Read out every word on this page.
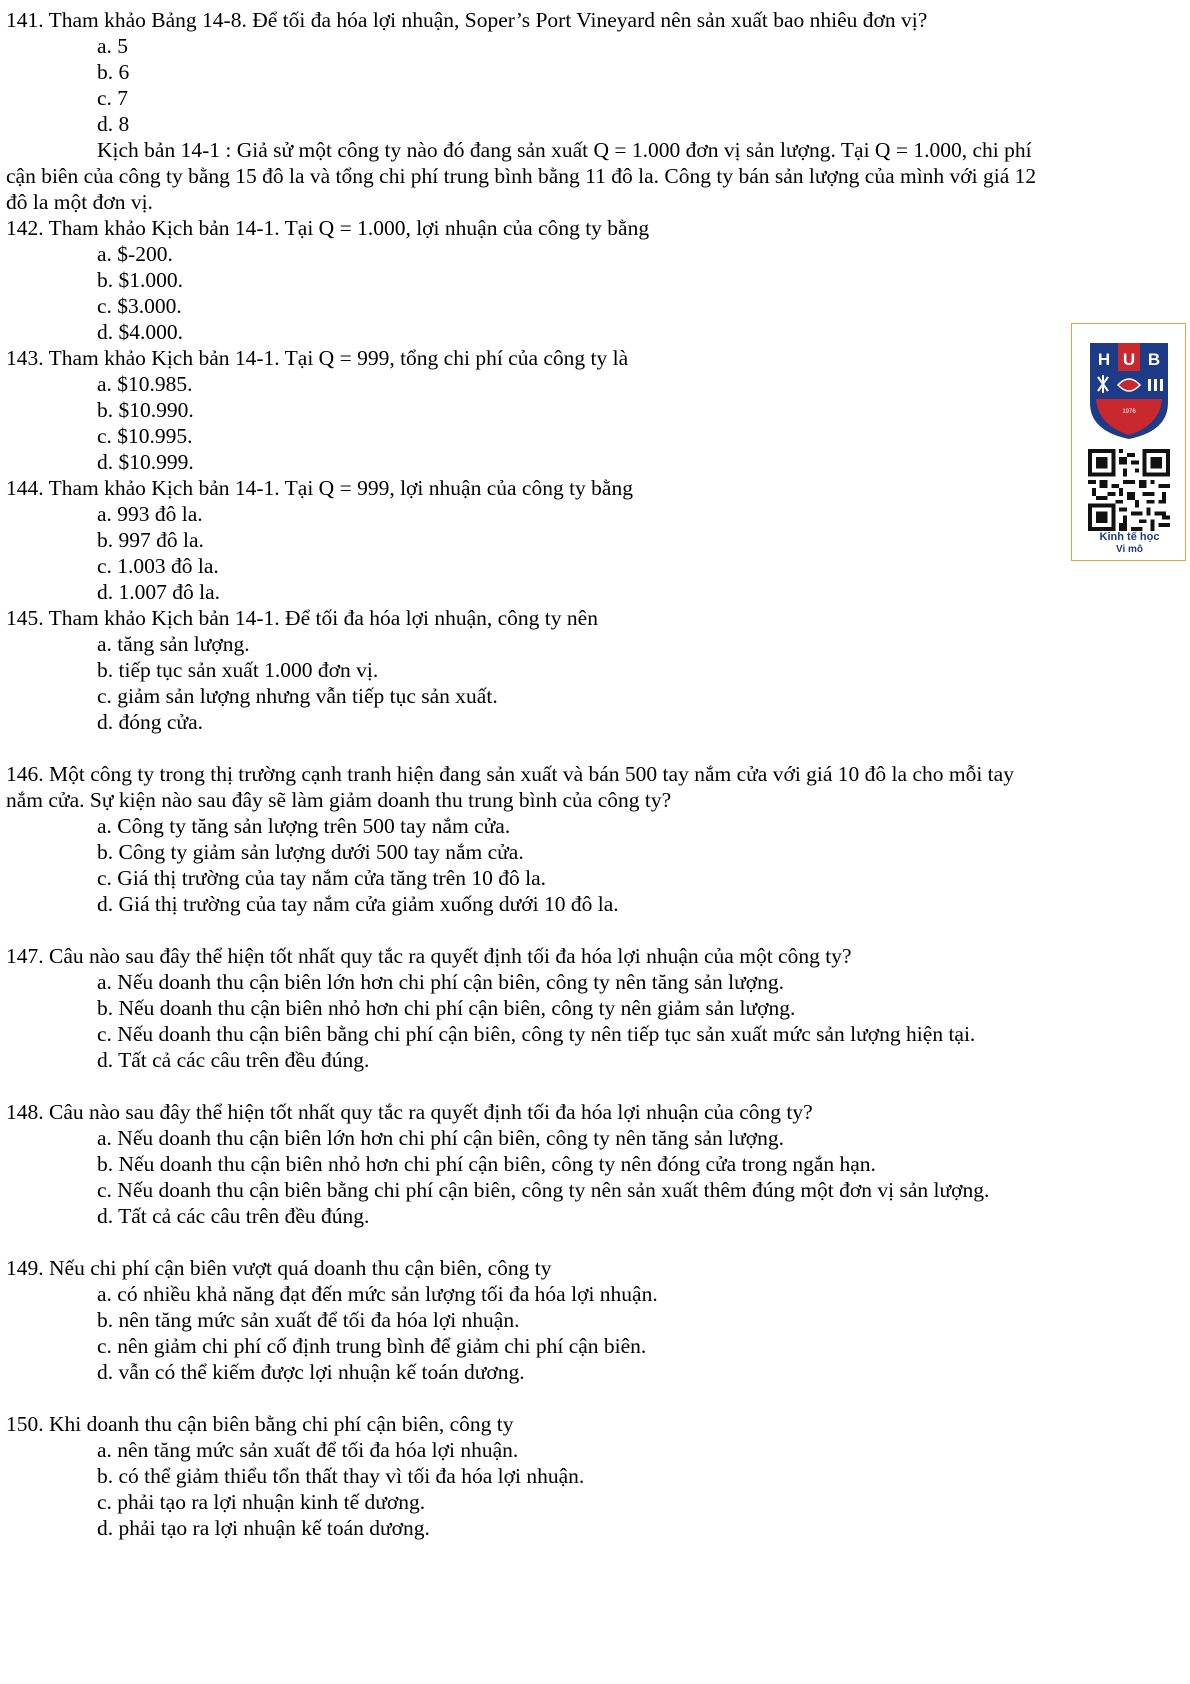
141. Tham khảo Bảng 14-8. Để tối đa hóa lợi nhuận, Soper’s Port Vineyard nên sản xuất bao nhiêu đơn vị?
a. 5
b. 6
c. 7
d. 8
Kịch bản 14-1 : Giả sử một công ty nào đó đang sản xuất Q = 1.000 đơn vị sản lượng. Tại Q = 1.000, chi phí
cận biên của công ty bằng 15 đô la và tổng chi phí trung bình bằng 11 đô la. Công ty bán sản lượng của mình với giá 12
đô la một đơn vị.
142. Tham khảo Kịch bản 14-1. Tại Q = 1.000, lợi nhuận của công ty bằng
a. $-200.
b. $1.000.
c. $3.000.
d. $4.000.
143. Tham khảo Kịch bản 14-1. Tại Q = 999, tổng chi phí của công ty là
a. $10.985.
b. $10.990.
c. $10.995.
d. $10.999.
144. Tham khảo Kịch bản 14-1. Tại Q = 999, lợi nhuận của công ty bằng
a. 993 đô la.
b. 997 đô la.
c. 1.003 đô la.
d. 1.007 đô la.
145. Tham khảo Kịch bản 14-1. Để tối đa hóa lợi nhuận, công ty nên
a. tăng sản lượng.
b. tiếp tục sản xuất 1.000 đơn vị.
c. giảm sản lượng nhưng vẫn tiếp tục sản xuất.
d. đóng cửa.
146. Một công ty trong thị trường cạnh tranh hiện đang sản xuất và bán 500 tay nắm cửa với giá 10 đô la cho mỗi tay
nắm cửa. Sự kiện nào sau đây sẽ làm giảm doanh thu trung bình của công ty?
a. Công ty tăng sản lượng trên 500 tay nắm cửa.
b. Công ty giảm sản lượng dưới 500 tay nắm cửa.
c. Giá thị trường của tay nắm cửa tăng trên 10 đô la.
d. Giá thị trường của tay nắm cửa giảm xuống dưới 10 đô la.
147. Câu nào sau đây thể hiện tốt nhất quy tắc ra quyết định tối đa hóa lợi nhuận của một công ty?
a. Nếu doanh thu cận biên lớn hơn chi phí cận biên, công ty nên tăng sản lượng.
b. Nếu doanh thu cận biên nhỏ hơn chi phí cận biên, công ty nên giảm sản lượng.
c. Nếu doanh thu cận biên bằng chi phí cận biên, công ty nên tiếp tục sản xuất mức sản lượng hiện tại.
d. Tất cả các câu trên đều đúng.
148. Câu nào sau đây thể hiện tốt nhất quy tắc ra quyết định tối đa hóa lợi nhuận của công ty?
a. Nếu doanh thu cận biên lớn hơn chi phí cận biên, công ty nên tăng sản lượng.
b. Nếu doanh thu cận biên nhỏ hơn chi phí cận biên, công ty nên đóng cửa trong ngắn hạn.
c. Nếu doanh thu cận biên bằng chi phí cận biên, công ty nên sản xuất thêm đúng một đơn vị sản lượng.
d. Tất cả các câu trên đều đúng.
149. Nếu chi phí cận biên vượt quá doanh thu cận biên, công ty
a. có nhiều khả năng đạt đến mức sản lượng tối đa hóa lợi nhuận.
b. nên tăng mức sản xuất để tối đa hóa lợi nhuận.
c. nên giảm chi phí cố định trung bình để giảm chi phí cận biên.
d. vẫn có thể kiếm được lợi nhuận kế toán dương.
150. Khi doanh thu cận biên bằng chi phí cận biên, công ty
a. nên tăng mức sản xuất để tối đa hóa lợi nhuận.
b. có thể giảm thiểu tổn thất thay vì tối đa hóa lợi nhuận.
c. phải tạo ra lợi nhuận kinh tế dương.
d. phải tạo ra lợi nhuận kế toán dương.
H U B
1976
Kinh tế học
Vi mô
